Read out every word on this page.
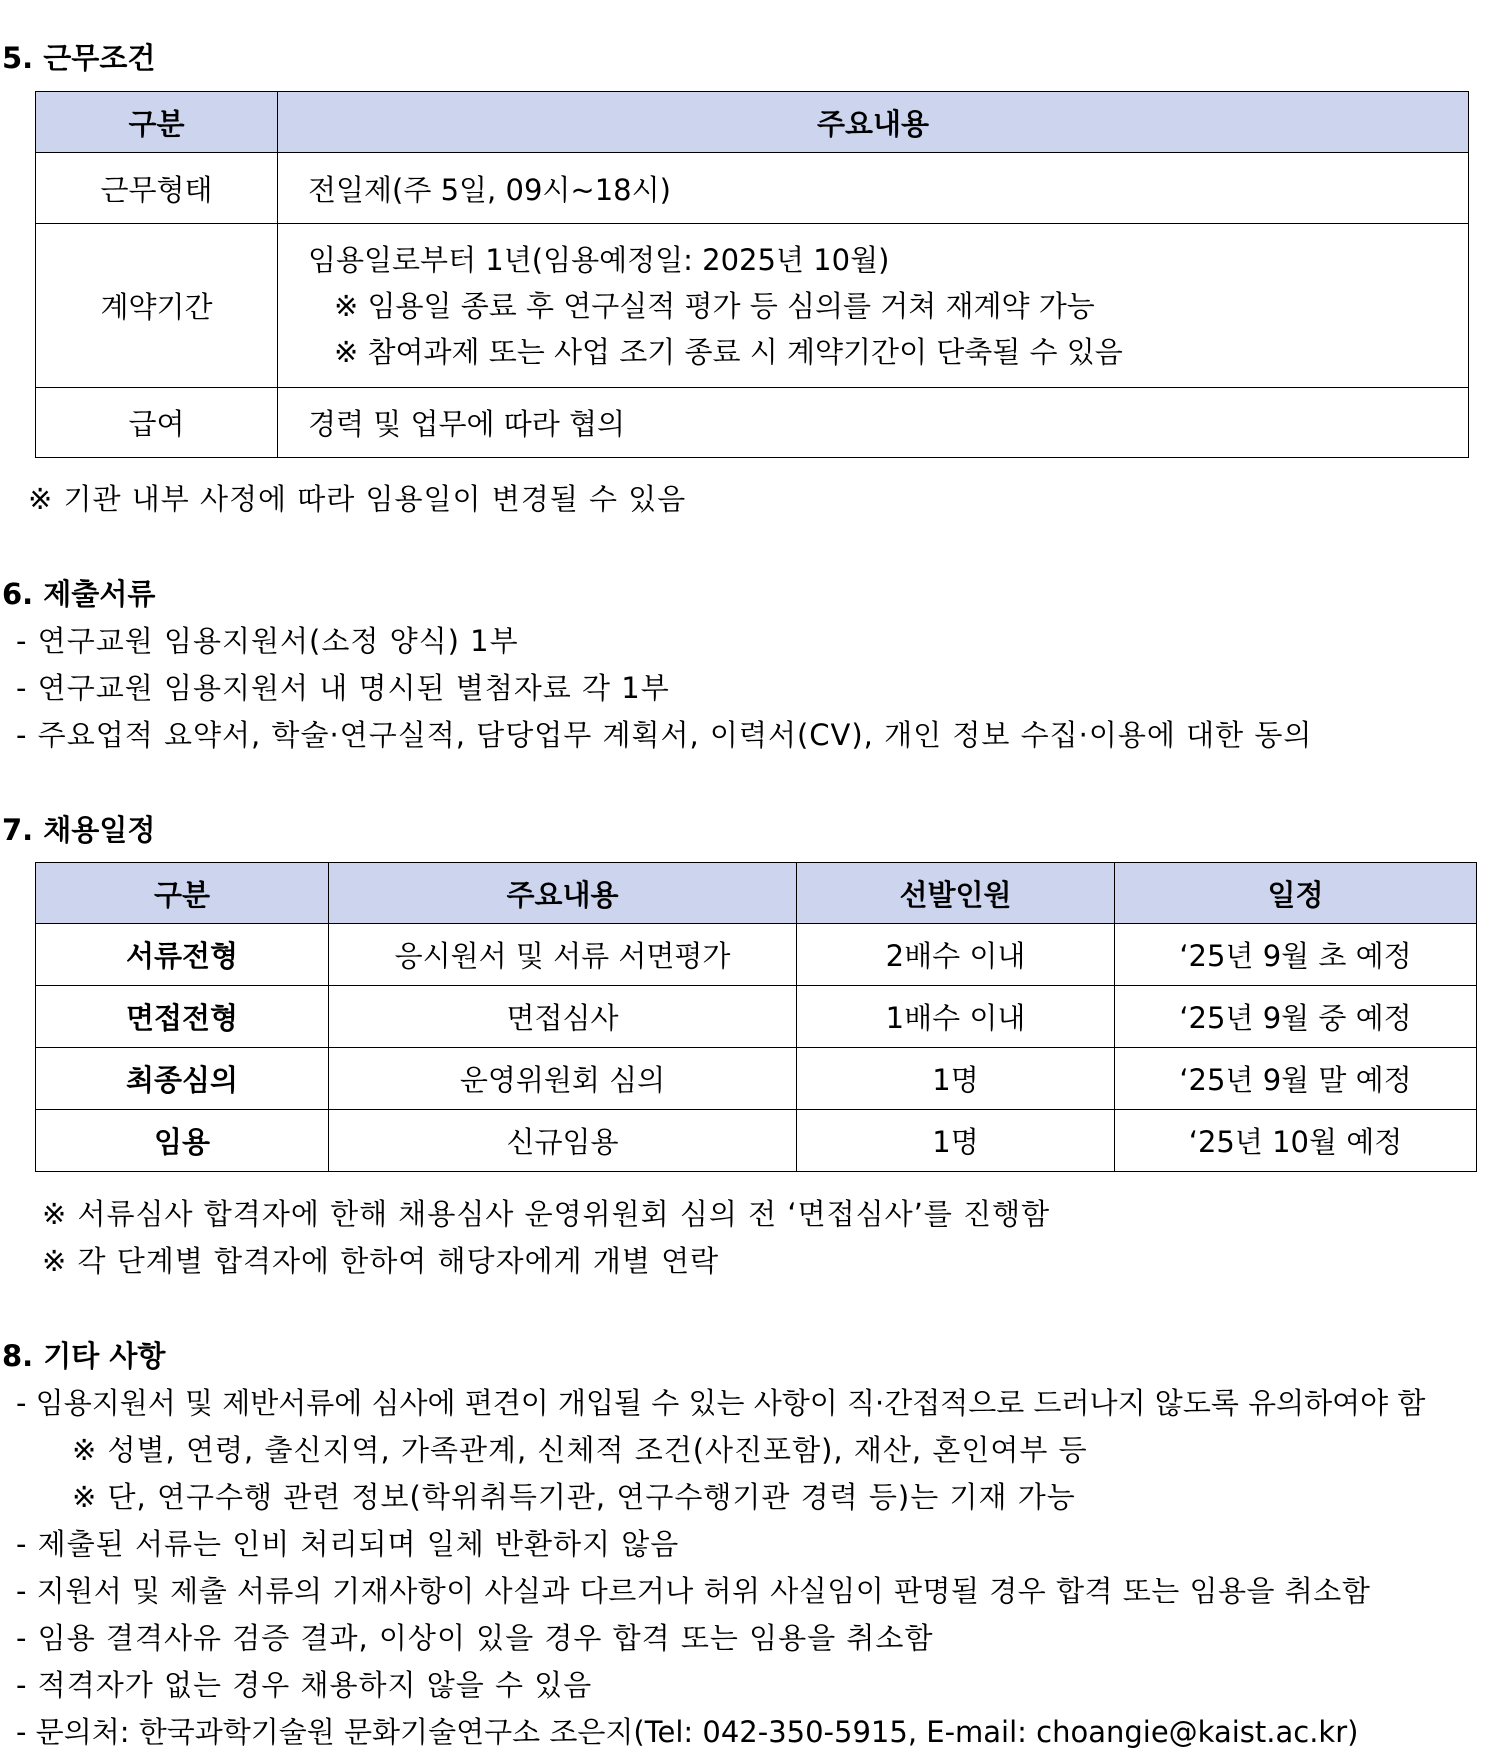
5. 근무조건
구분	주요내용
근무형태	전일제(주 5일, 09시~18시)
계약기간	임용일로부터 1년(임용예정일: 2025년 10월)
※ 임용일 종료 후 연구실적 평가 등 심의를 거쳐 재계약 가능
※ 참여과제 또는 사업 조기 종료 시 계약기간이 단축될 수 있음

급여	경력 및 업무에 따라 협의
※ 기관 내부 사정에 따라 임용일이 변경될 수 있음
6. 제출서류
- 연구교원 임용지원서(소정 양식) 1부
- 연구교원 임용지원서 내 명시된 별첨자료 각 1부
- 주요업적 요약서, 학술·연구실적, 담당업무 계획서, 이력서(CV), 개인 정보 수집·이용에 대한 동의
7. 채용일정
구분	주요내용	선발인원	일정
서류전형	응시원서 및 서류 서면평가	2배수 이내	‘25년 9월 초 예정
면접전형	면접심사	1배수 이내	‘25년 9월 중 예정
최종심의	운영위원회 심의	1명	‘25년 9월 말 예정
임용	신규임용	1명	‘25년 10월 예정
※ 서류심사 합격자에 한해 채용심사 운영위원회 심의 전 ‘면접심사’를 진행함
※ 각 단계별 합격자에 한하여 해당자에게 개별 연락
8. 기타 사항
- 임용지원서 및 제반서류에 심사에 편견이 개입될 수 있는 사항이 직·간접적으로 드러나지 않도록 유의하여야 함
※ 성별, 연령, 출신지역, 가족관계, 신체적 조건(사진포함), 재산, 혼인여부 등
※ 단, 연구수행 관련 정보(학위취득기관, 연구수행기관 경력 등)는 기재 가능
- 제출된 서류는 인비 처리되며 일체 반환하지 않음
- 지원서 및 제출 서류의 기재사항이 사실과 다르거나 허위 사실임이 판명될 경우 합격 또는 임용을 취소함
- 임용 결격사유 검증 결과, 이상이 있을 경우 합격 또는 임용을 취소함
- 적격자가 없는 경우 채용하지 않을 수 있음
- 문의처: 한국과학기술원 문화기술연구소 조은지(Tel: 042-350-5915, E-mail: choangie@kaist.ac.kr)
